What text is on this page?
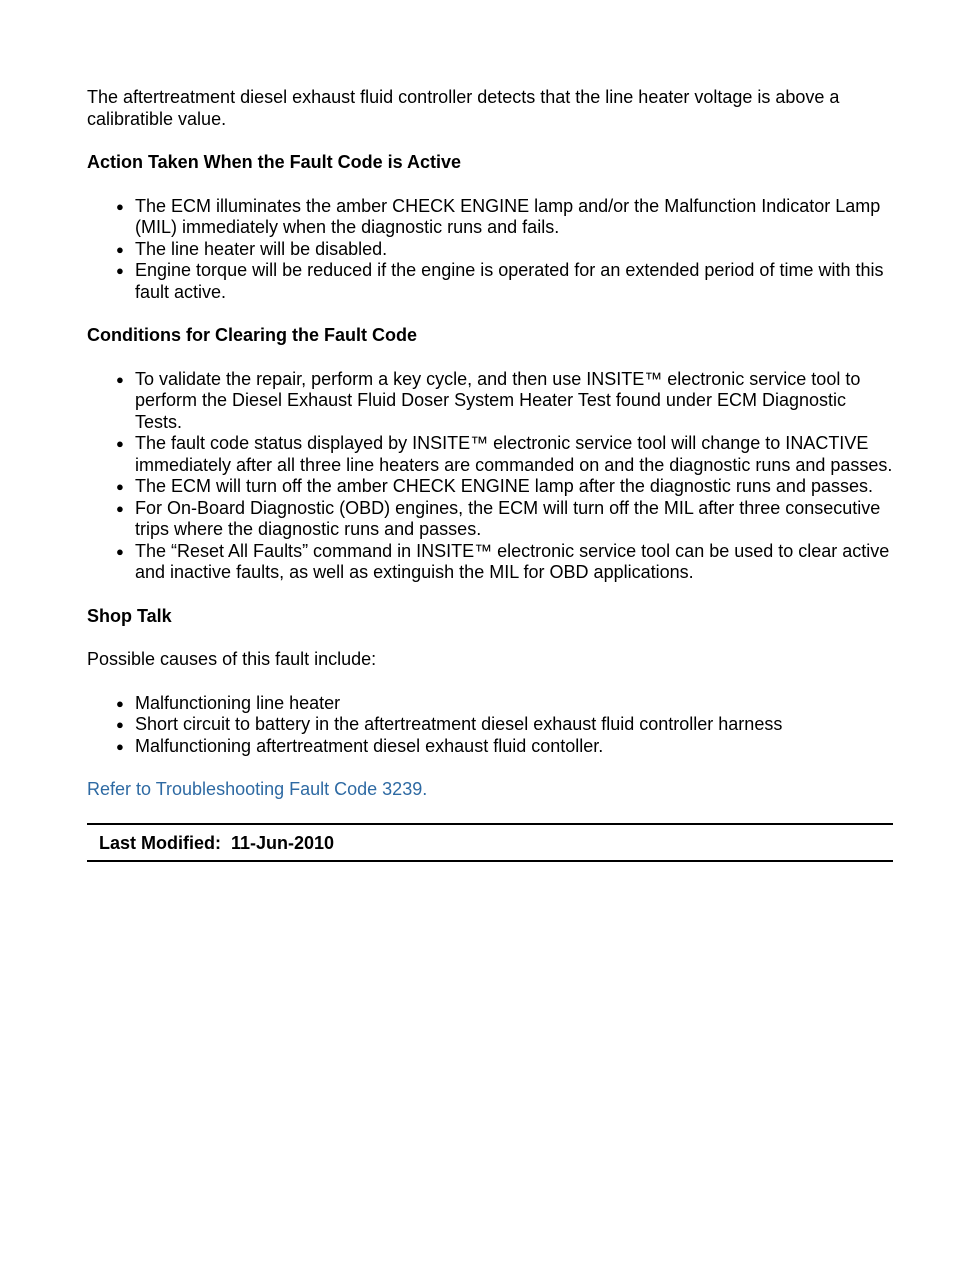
The aftertreatment diesel exhaust fluid controller detects that the line heater voltage is above a calibratible value.

Action Taken When the Fault Code is Active
● The ECM illuminates the amber CHECK ENGINE lamp and/or the Malfunction Indicator Lamp (MIL) immediately when the diagnostic runs and fails.
● The line heater will be disabled.
● Engine torque will be reduced if the engine is operated for an extended period of time with this fault active.
Conditions for Clearing the Fault Code
● To validate the repair, perform a key cycle, and then use INSITE™ electronic service tool to perform the Diesel Exhaust Fluid Doser System Heater Test found under ECM Diagnostic Tests.
● The fault code status displayed by INSITE™ electronic service tool will change to INACTIVE immediately after all three line heaters are commanded on and the diagnostic runs and passes.
● The ECM will turn off the amber CHECK ENGINE lamp after the diagnostic runs and passes.
● For On-Board Diagnostic (OBD) engines, the ECM will turn off the MIL after three consecutive trips where the diagnostic runs and passes.
● The “Reset All Faults” command in INSITE™ electronic service tool can be used to clear active and inactive faults, as well as extinguish the MIL for OBD applications.
Shop Talk

Possible causes of this fault include:

● Malfunctioning line heater
● Short circuit to battery in the aftertreatment diesel exhaust fluid controller harness
● Malfunctioning aftertreatment diesel exhaust fluid contoller.
Refer to Troubleshooting Fault Code 3239.
Last Modified:  11-Jun-2010
